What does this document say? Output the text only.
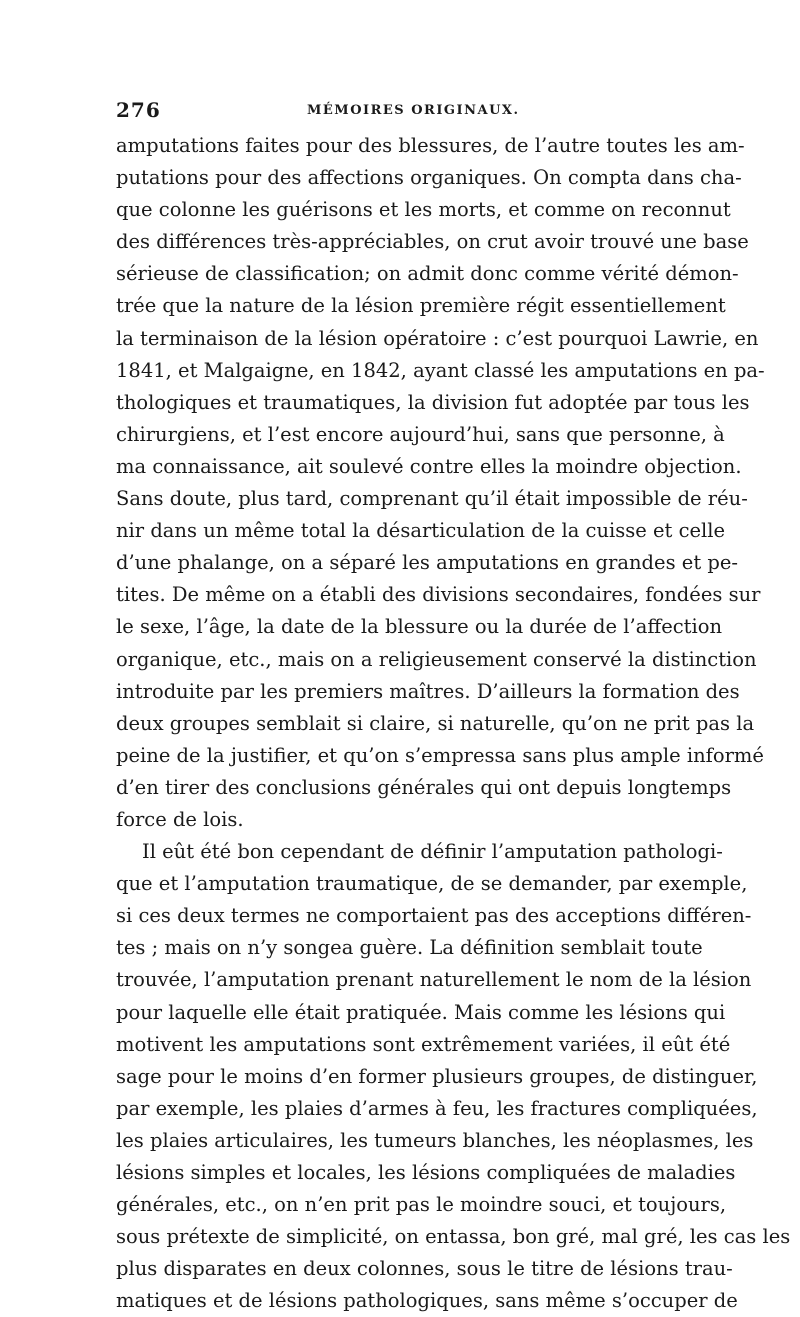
276	MÉMOIRES ORIGINAUX.
amputations faites pour des blessures, de l’autre toutes les am-
putations pour des affections organiques. On compta dans cha-
que colonne les guérisons et les morts, et comme on reconnut
des différences très-appréciables, on crut avoir trouvé une base
sérieuse de classification; on admit donc comme vérité démon-
trée que la nature de la lésion première régit essentiellement
la terminaison de la lésion opératoire : c’est pourquoi Lawrie, en
1841, et Malgaigne, en 1842, ayant classé les amputations en pa-
thologiques et traumatiques, la division fut adoptée par tous les
chirurgiens, et l’est encore aujourd’hui, sans que personne, à
ma connaissance, ait soulevé contre elles la moindre objection.
Sans doute, plus tard, comprenant qu’il était impossible de réu-
nir dans un même total la désarticulation de la cuisse et celle
d’une phalange, on a séparé les amputations en grandes et pe-
tites. De même on a établi des divisions secondaires, fondées sur
le sexe, l’âge, la date de la blessure ou la durée de l’affection
organique, etc., mais on a religieusement conservé la distinction
introduite par les premiers maîtres. D’ailleurs la formation des
deux groupes semblait si claire, si naturelle, qu’on ne prit pas la
peine de la justifier, et qu’on s’empressa sans plus ample informé
d’en tirer des conclusions générales qui ont depuis longtemps
force de lois.
Il eût été bon cependant de définir l’amputation pathologi-
que et l’amputation traumatique, de se demander, par exemple,
si ces deux termes ne comportaient pas des acceptions différen-
tes ; mais on n’y songea guère. La définition semblait toute
trouvée, l’amputation prenant naturellement le nom de la lésion
pour laquelle elle était pratiquée. Mais comme les lésions qui
motivent les amputations sont extrêmement variées, il eût été
sage pour le moins d’en former plusieurs groupes, de distinguer,
par exemple, les plaies d’armes à feu, les fractures compliquées,
les plaies articulaires, les tumeurs blanches, les néoplasmes, les
lésions simples et locales, les lésions compliquées de maladies
générales, etc., on n’en prit pas le moindre souci, et toujours,
sous prétexte de simplicité, on entassa, bon gré, mal gré, les cas les
plus disparates en deux colonnes, sous le titre de lésions trau-
matiques et de lésions pathologiques, sans même s’occuper de
